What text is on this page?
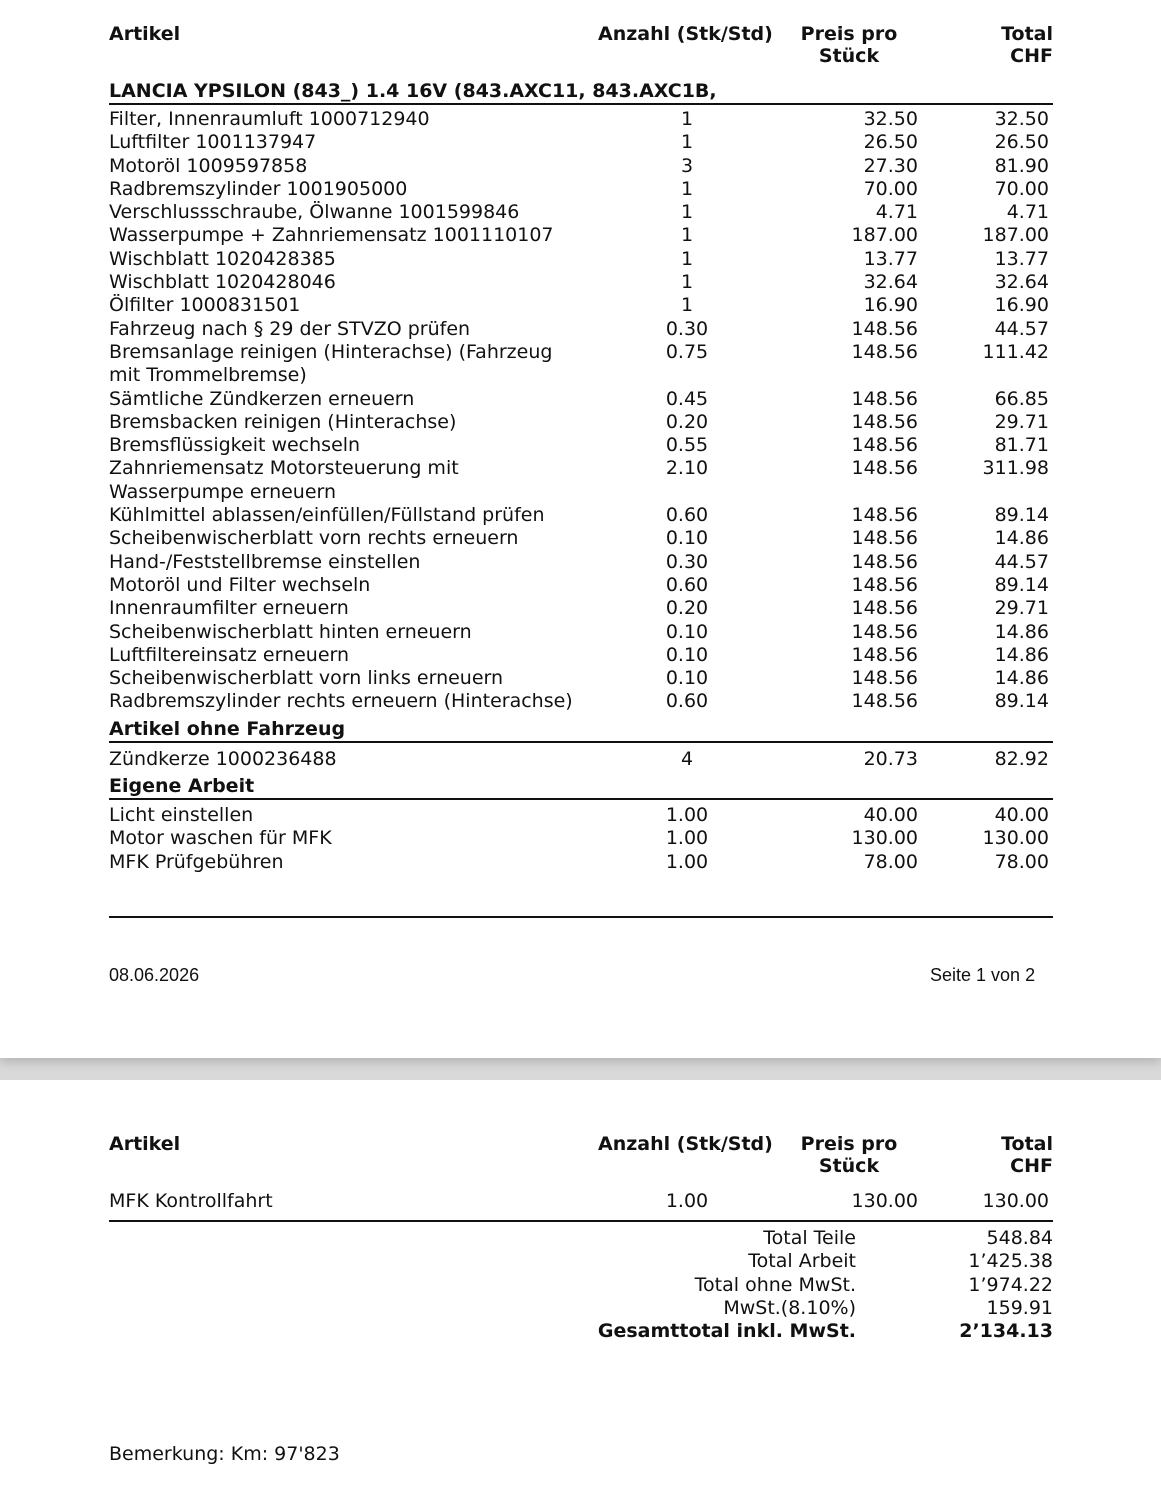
Artikel	Anzahl (Stk/Std)	Preis pro
Stück
Total
CHF
LANCIA YPSILON (843_) 1.4 16V (843.AXC11, 843.AXC1B,
Filter, Innenraumluft 1000712940	1	32.50	32.50
Luftfilter 1001137947	1	26.50	26.50
Motoröl 1009597858	3	27.30	81.90
Radbremszylinder 1001905000	1	70.00	70.00
Verschlussschraube, Ölwanne 1001599846	1	4.71	4.71
Wasserpumpe + Zahnriemensatz 1001110107	1	187.00	187.00
Wischblatt 1020428385	1	13.77	13.77
Wischblatt 1020428046	1	32.64	32.64
Ölfilter 1000831501	1	16.90	16.90
Fahrzeug nach § 29 der STVZO prüfen	0.30	148.56	44.57
Bremsanlage reinigen (Hinterachse) (Fahrzeug mit Trommelbremse)
0.75	148.56	111.42
Sämtliche Zündkerzen erneuern	0.45	148.56	66.85
Bremsbacken reinigen (Hinterachse)	0.20	148.56	29.71
Bremsflüssigkeit wechseln	0.55	148.56	81.71
Zahnriemensatz Motorsteuerung mit Wasserpumpe erneuern
2.10	148.56	311.98
Kühlmittel ablassen/einfüllen/Füllstand prüfen	0.60	148.56	89.14
Scheibenwischerblatt vorn rechts erneuern	0.10	148.56	14.86
Hand-/Feststellbremse einstellen	0.30	148.56	44.57
Motoröl und Filter wechseln	0.60	148.56	89.14
Innenraumfilter erneuern	0.20	148.56	29.71
Scheibenwischerblatt hinten erneuern	0.10	148.56	14.86
Luftfiltereinsatz erneuern	0.10	148.56	14.86
Scheibenwischerblatt vorn links erneuern	0.10	148.56	14.86
Radbremszylinder rechts erneuern (Hinterachse)	0.60	148.56	89.14
Artikel ohne Fahrzeug
Zündkerze 1000236488	4	20.73	82.92
Eigene Arbeit
Licht einstellen	1.00	40.00	40.00
Motor waschen für MFK	1.00	130.00	130.00
MFK Prüfgebühren	1.00	78.00	78.00
08.06.2026	Seite 1 von 2
Artikel	Anzahl (Stk/Std)	Preis pro
Stück
Total
CHF
MFK Kontrollfahrt	1.00	130.00	130.00
Total Teile	548.84
Total Arbeit	1’425.38
Total ohne MwSt.	1’974.22
MwSt.(8.10%)	159.91
Gesamttotal inkl. MwSt.	2’134.13
Bemerkung: Km: 97'823
